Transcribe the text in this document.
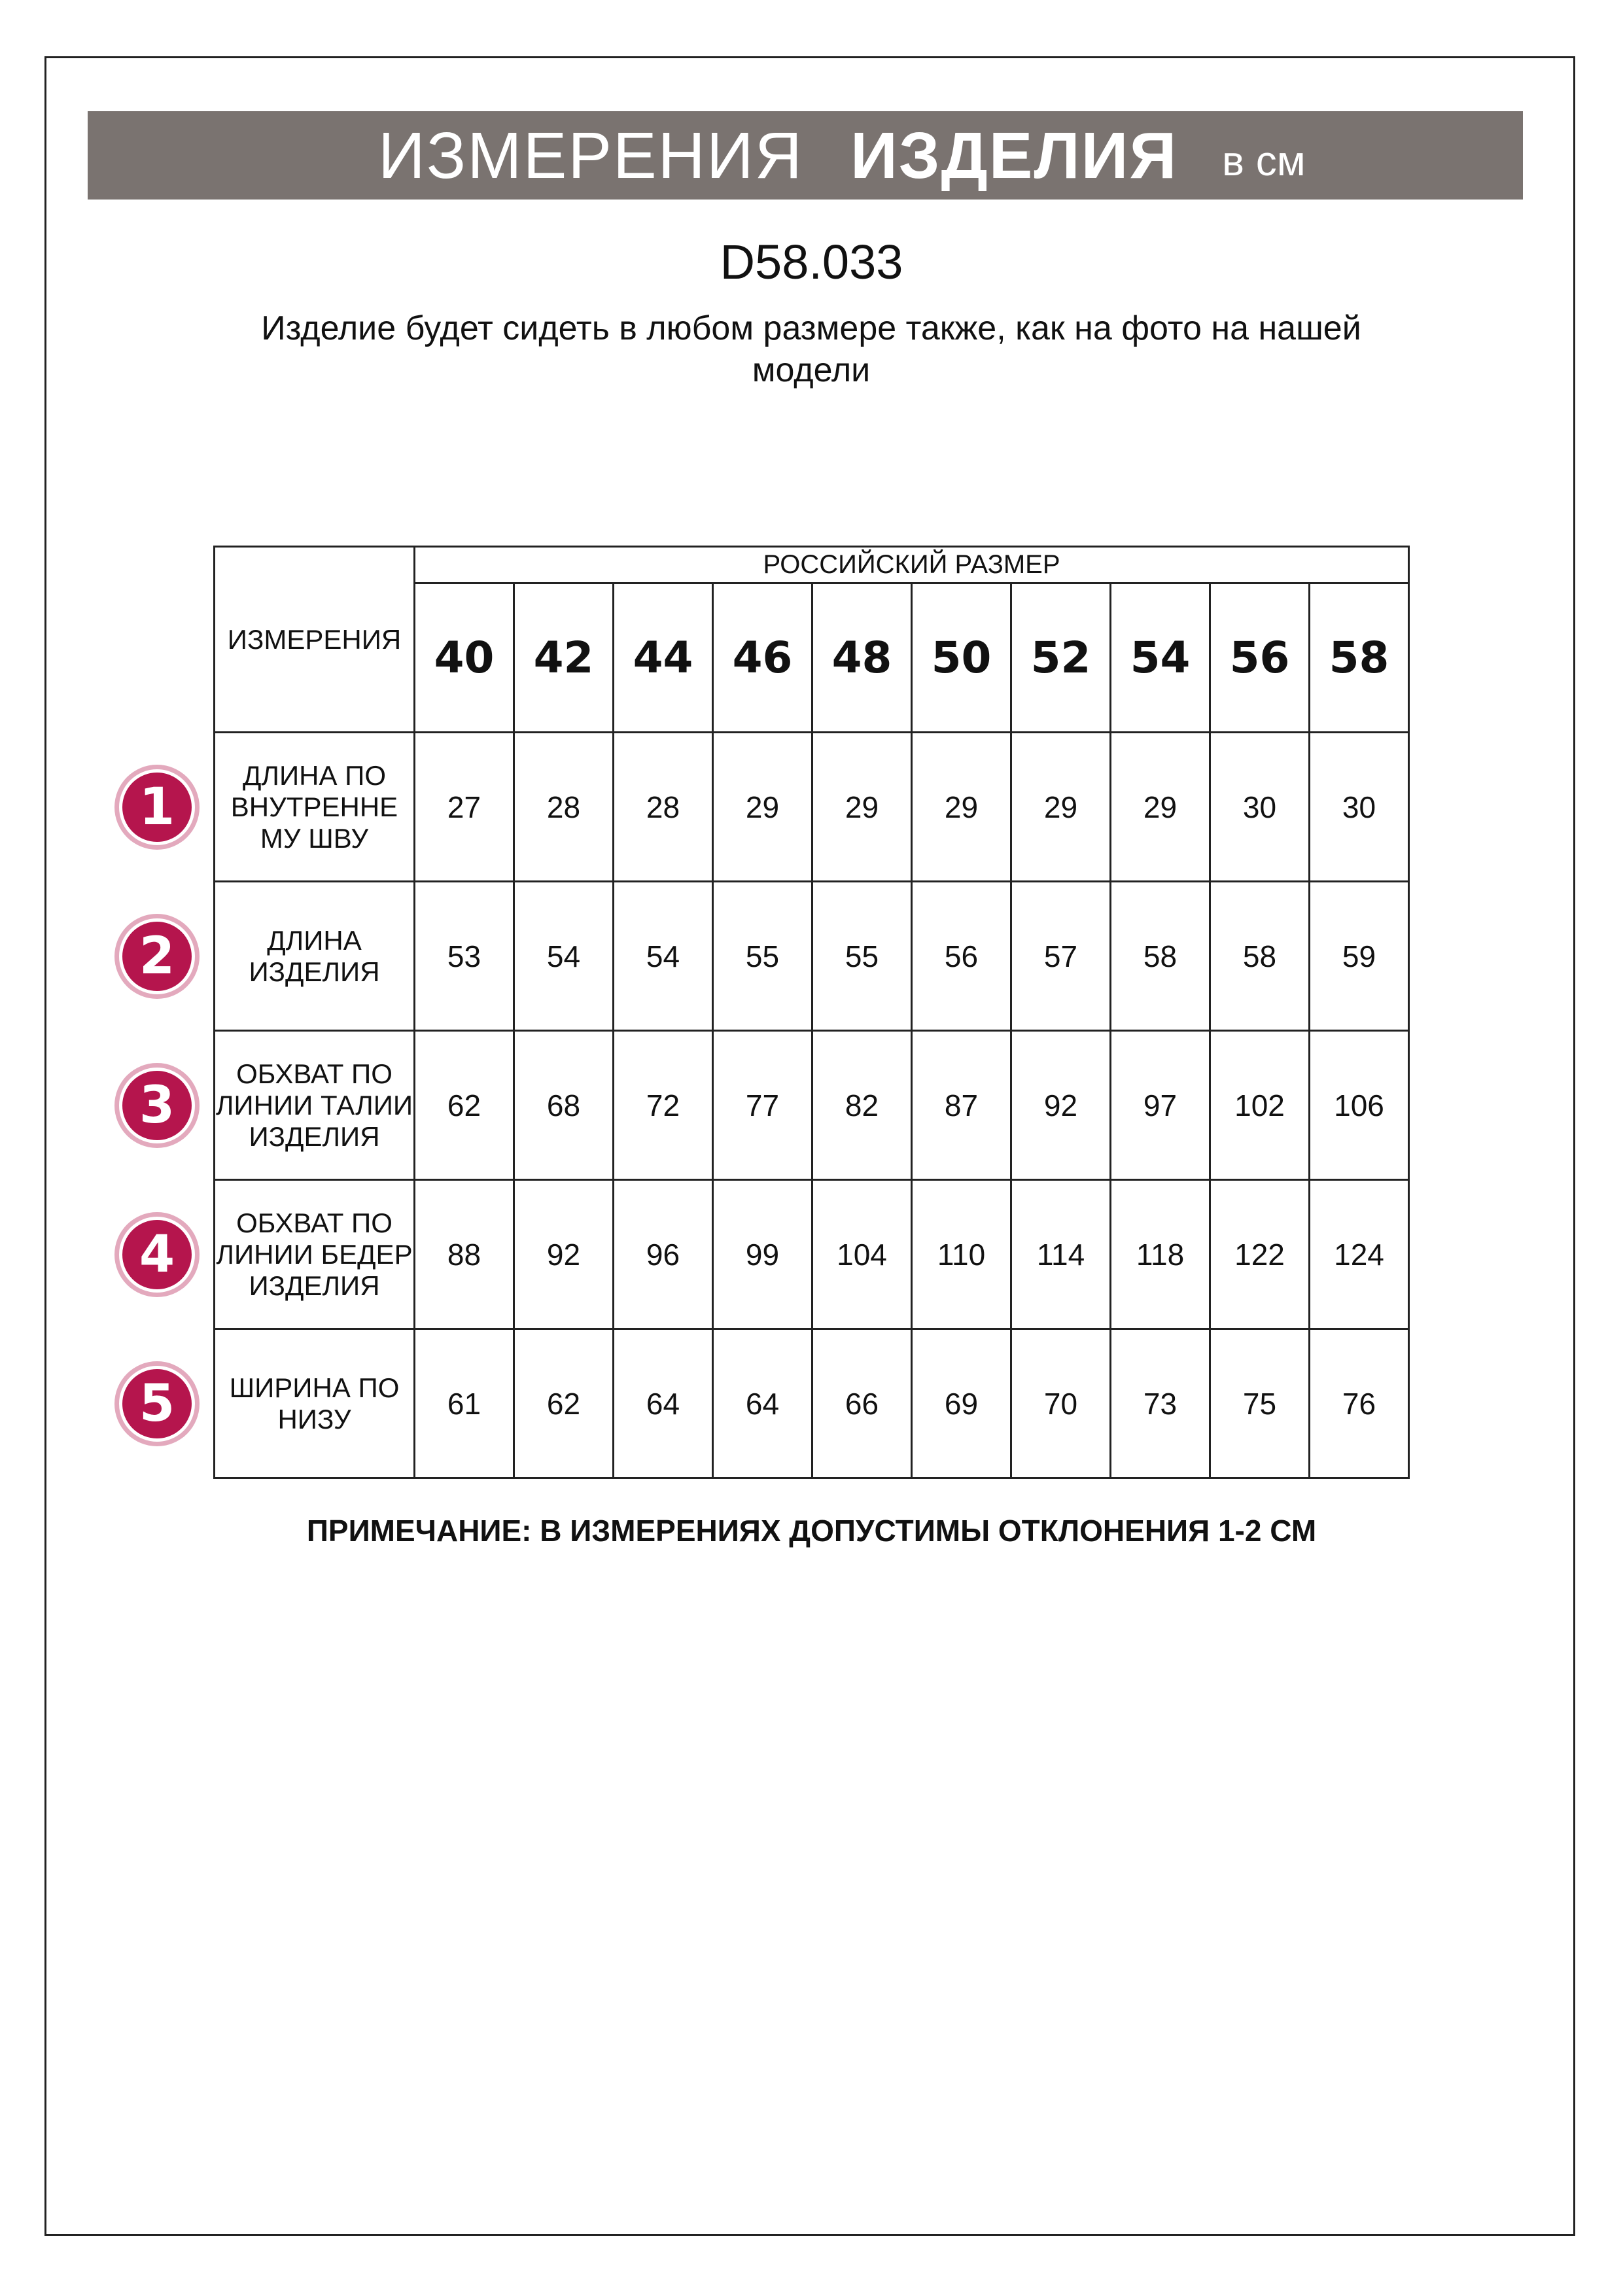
ИЗМЕРЕНИЯ ИЗДЕЛИЯ в см
D58.033
Изделие будет сидеть в любом размере также, как на фото на нашей модели
ИЗМЕРЕНИЯ	РОССИЙСКИЙ РАЗМЕР									
	40	42	44	46	48	50	52	54	56	58
ДЛИНА ПО ВНУТРЕННЕ МУ ШВУ	27	28	28	29	29	29	29	29	30	30
ДЛИНА ИЗДЕЛИЯ	53	54	54	55	55	56	57	58	58	59
ОБХВАТ ПО ЛИНИИ ТАЛИИ ИЗДЕЛИЯ	62	68	72	77	82	87	92	97	102	106
ОБХВАТ ПО ЛИНИИ БЕДЕР ИЗДЕЛИЯ	88	92	96	99	104	110	114	118	122	124
ШИРИНА ПО НИЗУ	61	62	64	64	66	69	70	73	75	76
1
2
3
4
5
ПРИМЕЧАНИЕ: В ИЗМЕРЕНИЯХ ДОПУСТИМЫ ОТКЛОНЕНИЯ 1-2 СМ
